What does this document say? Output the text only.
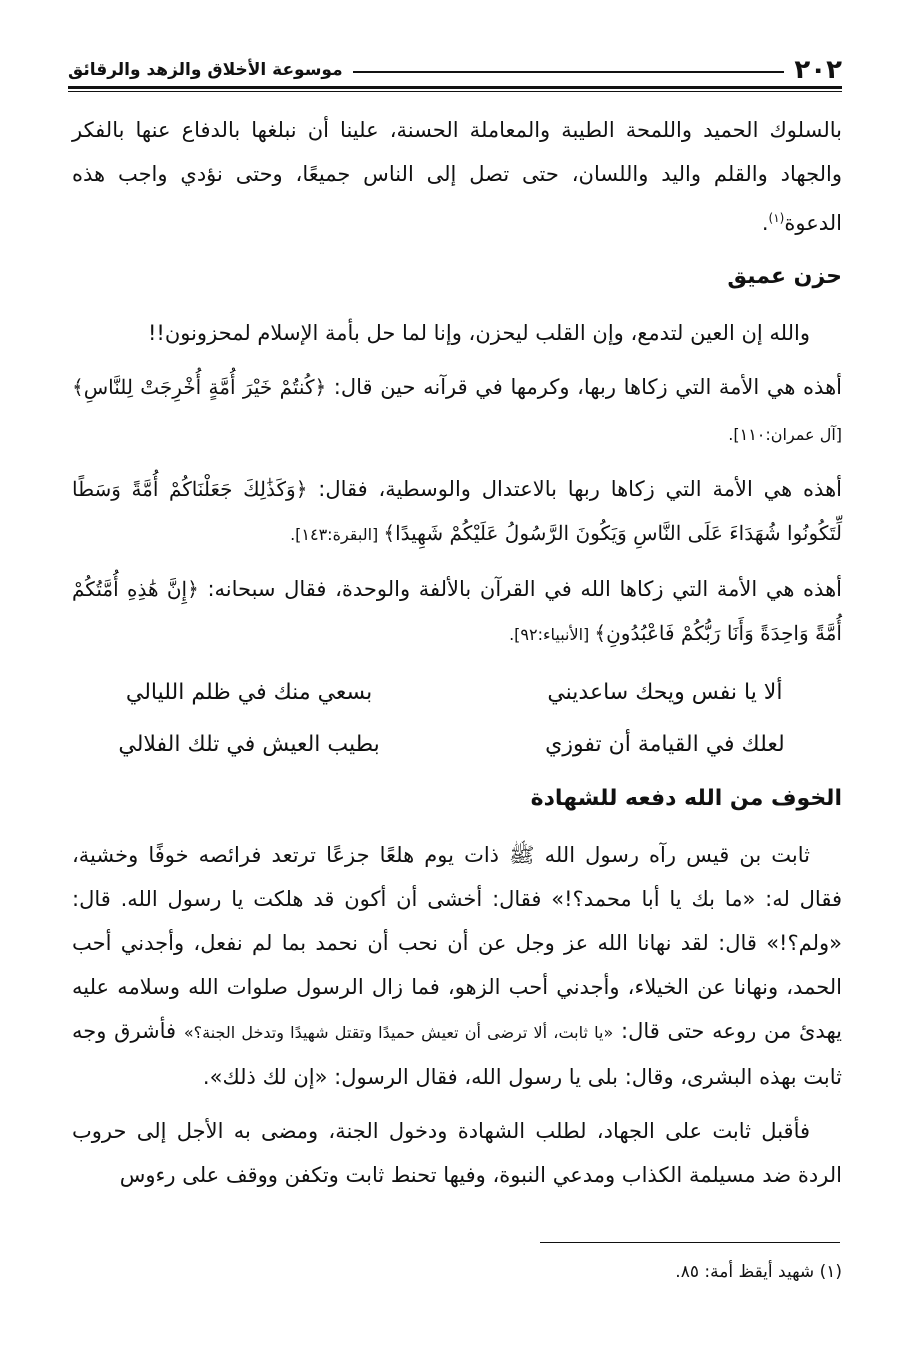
٢٠٢
موسوعة الأخلاق والزهد والرقائق

بالسلوك الحميد واللمحة الطيبة والمعاملة الحسنة، علينا أن نبلغها بالدفاع عنها بالفكر والجهاد والقلم واليد واللسان، حتى تصل إلى الناس جميعًا، وحتى نؤدي واجب هذه الدعوة$^{(١)}$.

حزن عميق

والله إن العين لتدمع، وإن القلب ليحزن، وإنا لما حل بأمة الإسلام لمحزونون!!

أهذه هي الأمة التي زكاها ربها، وكرمها في قرآنه حين قال: ﴿كُنتُمْ خَيْرَ أُمَّةٍ أُخْرِجَتْ لِلنَّاسِ﴾ [آل عمران:١١٠].

أهذه هي الأمة التي زكاها ربها بالاعتدال والوسطية، فقال: ﴿وَكَذَٰلِكَ جَعَلْنَاكُمْ أُمَّةً وَسَطًا لِّتَكُونُوا شُهَدَاءَ عَلَى النَّاسِ وَيَكُونَ الرَّسُولُ عَلَيْكُمْ شَهِيدًا﴾ [البقرة:١٤٣].

أهذه هي الأمة التي زكاها الله في القرآن بالألفة والوحدة، فقال سبحانه: ﴿إِنَّ هَٰذِهِ أُمَّتُكُمْ أُمَّةً وَاحِدَةً وَأَنَا رَبُّكُمْ فَاعْبُدُونِ﴾ [الأنبياء:٩٢].

ألا يا نفس ويحك ساعديني
بسعي منك في ظلم الليالي
لعلك في القيامة أن تفوزي
بطيب العيش في تلك الفلالي
الخوف من الله دفعه للشهادة

ثابت بن قيس رآه رسول الله ﷺ ذات يوم هلعًا جزعًا ترتعد فرائصه خوفًا وخشية، فقال له: «ما بك يا أبا محمد؟!» فقال: أخشى أن أكون قد هلكت يا رسول الله. قال: «ولم؟!» قال: لقد نهانا الله عز وجل عن أن نحب أن نحمد بما لم نفعل، وأجدني أحب الحمد، ونهانا عن الخيلاء، وأجدني أحب الزهو، فما زال الرسول صلوات الله وسلامه عليه يهدئ من روعه حتى قال: «يا ثابت، ألا ترضى أن تعيش حميدًا وتقتل شهيدًا وتدخل الجنة؟» فأشرق وجه ثابت بهذه البشرى، وقال: بلى يا رسول الله، فقال الرسول: «إن لك ذلك».

فأقبل ثابت على الجهاد، لطلب الشهادة ودخول الجنة، ومضى به الأجل إلى حروب الردة ضد مسيلمة الكذاب ومدعي النبوة، وفيها تحنط ثابت وتكفن ووقف على رءوس

(١) شهيد أيقظ أمة: ٨٥.
